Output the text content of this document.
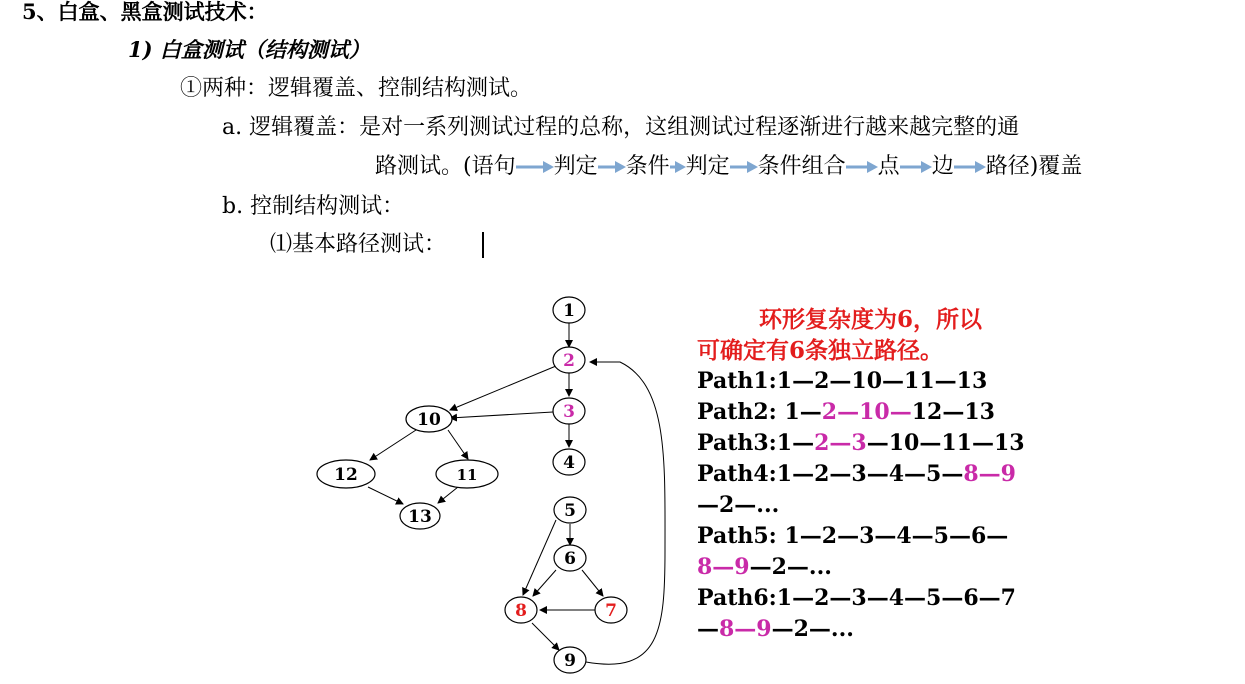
5、白盒、黑盒测试技术：
1) 白盒测试（结构测试）
①两种：逻辑覆盖、控制结构测试。
a. 逻辑覆盖：是对一系列测试过程的总称，这组测试过程逐渐进行越来越完整的通
路测试。(语句 判定 条件 判定 条件组合 点 边 路径)覆盖
b. 控制结构测试：
⑴基本路径测试：
1
2
3
4
5
6
7
8
9
10
11
12
13
环形复杂度为6，所以
可确定有6条独立路径。
Path1:1—2—10—11—13
Path2: 1—2—10—12—13
Path3:1—2—3—10—11—13
Path4:1—2—3—4—5—8—9
—2—...
Path5: 1—2—3—4—5—6—
8—9—2—...
Path6:1—2—3—4—5—6—7
—8—9—2—...
